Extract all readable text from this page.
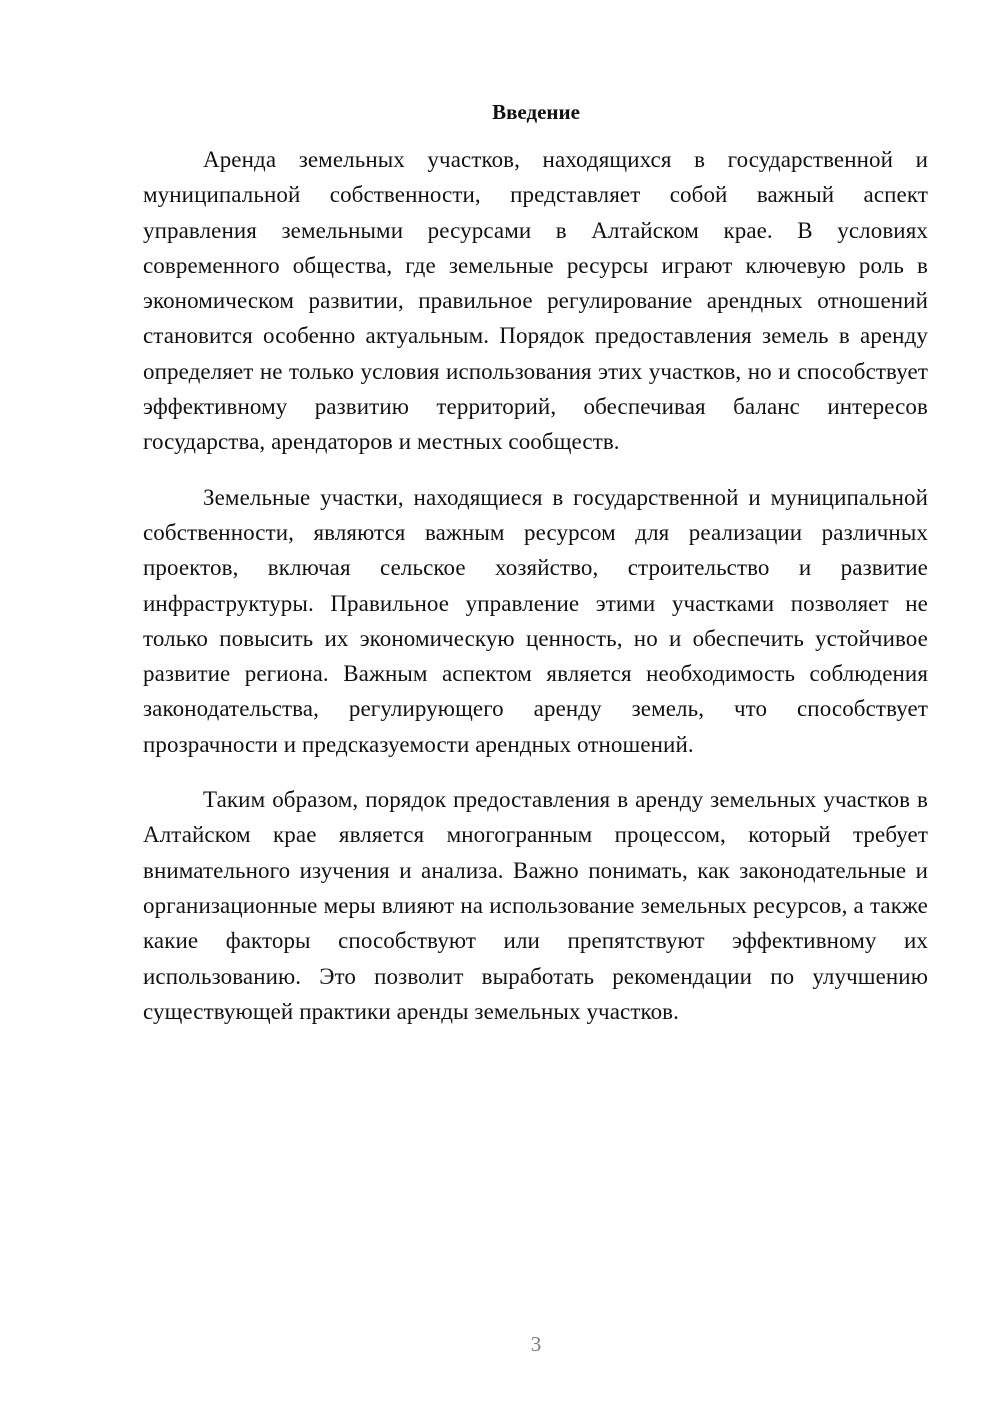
Введение

Аренда земельных участков, находящихся в государственной и муниципальной собственности, представляет собой важный аспект управления земельными ресурсами в Алтайском крае. В условиях современного общества, где земельные ресурсы играют ключевую роль в экономическом развитии, правильное регулирование арендных отношений становится особенно актуальным. Порядок предоставления земель в аренду определяет не только условия использования этих участков, но и способствует эффективному развитию территорий, обеспечивая баланс интересов государства, арендаторов и местных сообществ.

Земельные участки, находящиеся в государственной и муниципальной собственности, являются важным ресурсом для реализации различных проектов, включая сельское хозяйство, строительство и развитие инфраструктуры. Правильное управление этими участками позволяет не только повысить их экономическую ценность, но и обеспечить устойчивое развитие региона. Важным аспектом является необходимость соблюдения законодательства, регулирующего аренду земель, что способствует прозрачности и предсказуемости арендных отношений.

Таким образом, порядок предоставления в аренду земельных участков в Алтайском крае является многогранным процессом, который требует внимательного изучения и анализа. Важно понимать, как законодательные и организационные меры влияют на использование земельных ресурсов, а также какие факторы способствуют или препятствуют эффективному их использованию. Это позволит выработать рекомендации по улучшению существующей практики аренды земельных участков.

3
